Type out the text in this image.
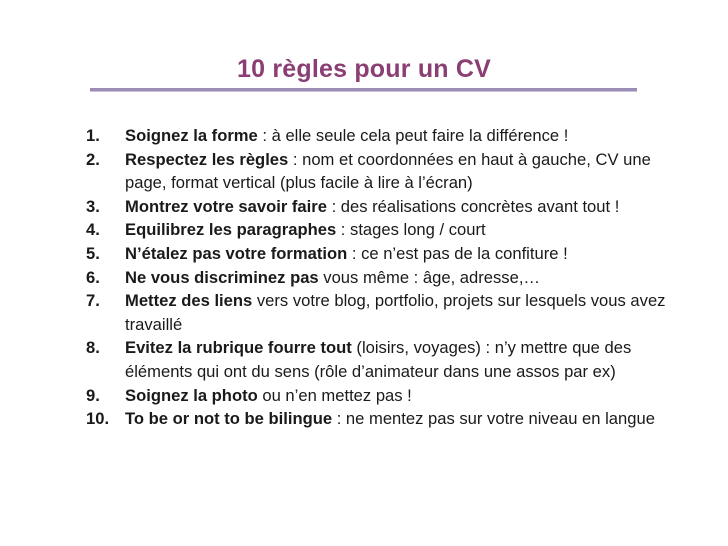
10 règles pour un CV
1. Soignez la forme : à elle seule cela peut faire la différence !
2. Respectez les règles : nom et coordonnées en haut à gauche, CV une page, format vertical (plus facile à lire à l’écran)
3. Montrez votre savoir faire : des réalisations concrètes avant tout !
4. Equilibrez les paragraphes : stages long / court
5. N’étalez pas votre formation : ce n’est pas de la confiture !
6. Ne vous discriminez pas vous même : âge, adresse,…
7. Mettez des liens vers votre blog, portfolio, projets sur lesquels vous avez travaillé
8. Evitez la rubrique fourre tout (loisirs, voyages) : n’y mettre que des éléments qui ont du sens (rôle d’animateur dans une assos par ex)
9. Soignez la photo ou n’en mettez pas !
10. To be or not to be bilingue : ne mentez pas sur votre niveau en langue
